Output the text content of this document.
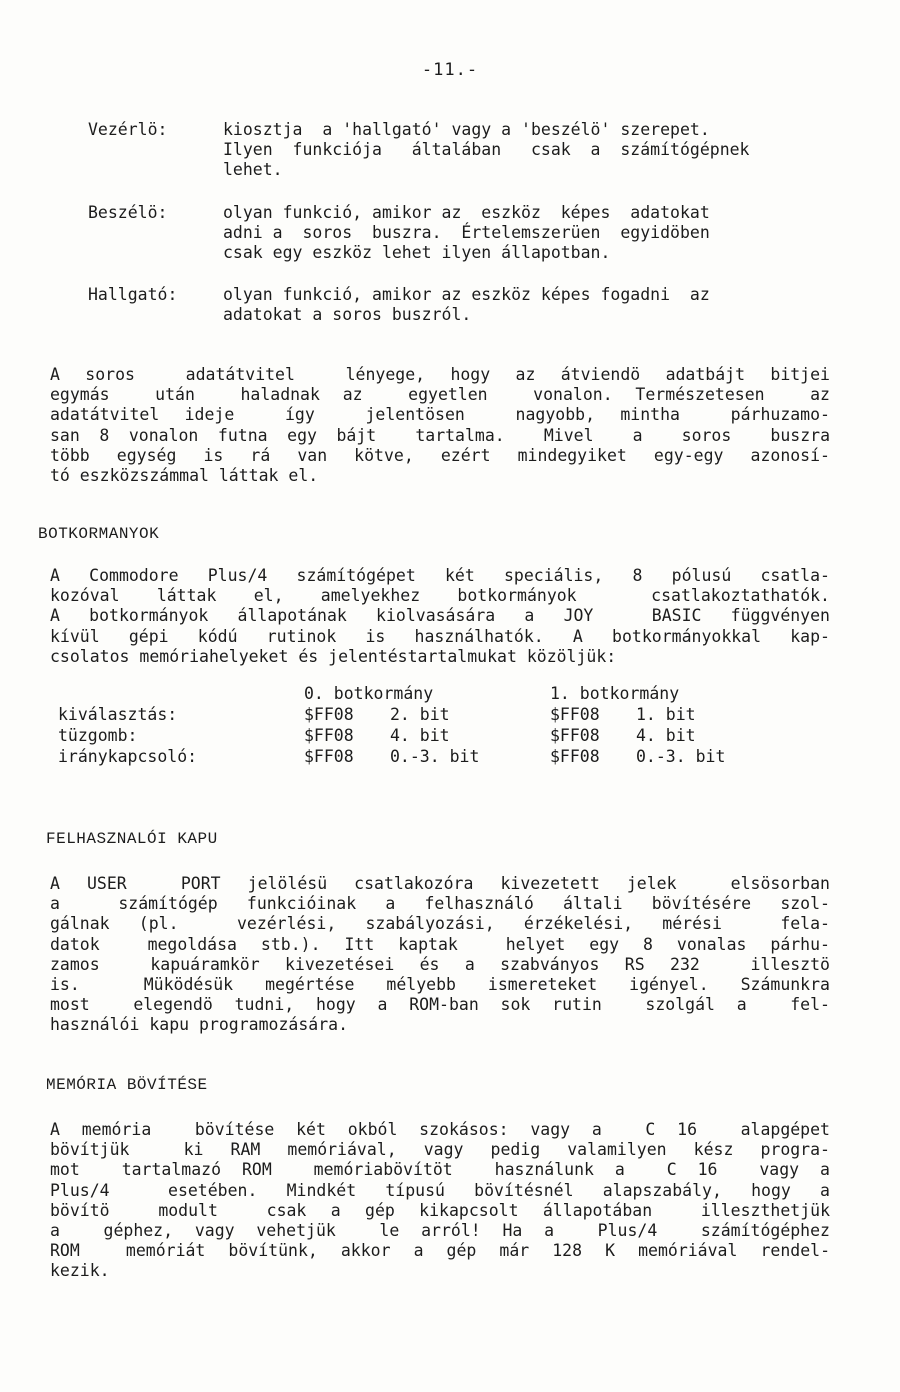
-11.-
Vezérlö:	kiosztja  a 'hallgató' vagy a 'beszélö' szerepet.
Ilyen  funkciója   általában   csak  a  számítógépnek
lehet.
Beszélö:	olyan funkció, amikor az  eszköz  képes  adatokat
adni a  soros  buszra.  Értelemszerüen  egyidöben
csak egy eszköz lehet ilyen állapotban.
Hallgató:	olyan funkció, amikor az eszköz képes fogadni  az
adatokat a soros buszról.
A soros  adatátvitel  lényege, hogy az átviendö adatbájt bitjei
egymás  után  haladnak az  egyetlen  vonalon. Természetesen  az
adatátvitel ideje  így  jelentösen  nagyobb, mintha  párhuzamo-
san 8 vonalon futna egy bájt  tartalma.  Mivel  a  soros  buszra
több egység is rá van kötve, ezért mindegyiket egy-egy azonosí-
tó eszközszámmal láttak el.
BOTKORMANYOK
A Commodore Plus/4 számítógépet két speciális, 8 pólusú csatla-
kozóval láttak el, amelyekhez botkormányok  csatlakoztathatók.
A botkormányok állapotának kiolvasására a JOY  BASIC függvényen
kívül gépi kódú rutinok is használhatók. A botkormányokkal kap-
csolatos memóriahelyeket és jelentéstartalmukat közöljük:
	0. botkormány		1. botkormány	
kiválasztás:	$FF08	2. bit	$FF08	1. bit
tüzgomb:	$FF08	4. bit	$FF08	4. bit
iránykapcsoló:	$FF08	0.-3. bit	$FF08	0.-3. bit
FELHASZNALÓI KAPU
A USER  PORT jelölésü csatlakozóra kivezetett jelek  elsösorban
a  számítógép funkcióinak a felhasználó általi bövítésére szol-
gálnak (pl.  vezérlési, szabályozási, érzékelési, mérési  fela-
datok  megoldása stb.). Itt kaptak  helyet egy 8 vonalas párhu-
zamos  kapuáramkör kivezetései és a szabványos RS 232  illesztö
is.  Müködésük megértése mélyebb ismereteket igényel. Számunkra
most  elegendö tudni, hogy a ROM-ban sok rutin  szolgál a  fel-
használói kapu programozására.
MEMÓRIA BÖVÍTÉSE
A memória  bövítése két okból szokásos: vagy a  C 16  alapgépet
bövítjük  ki RAM memóriával, vagy pedig valamilyen kész progra-
mot  tartalmazó ROM  memóriabövítöt  használunk a  C 16  vagy a
Plus/4  esetében. Mindkét típusú bövítésnél alapszabály, hogy a
bövítö  modult  csak a gép kikapcsolt állapotában  illeszthetjük
a  géphez, vagy vehetjük  le arról! Ha a  Plus/4  számítógéphez
ROM  memóriát bövítünk, akkor a gép már 128 K memóriával rendel-
kezik.
